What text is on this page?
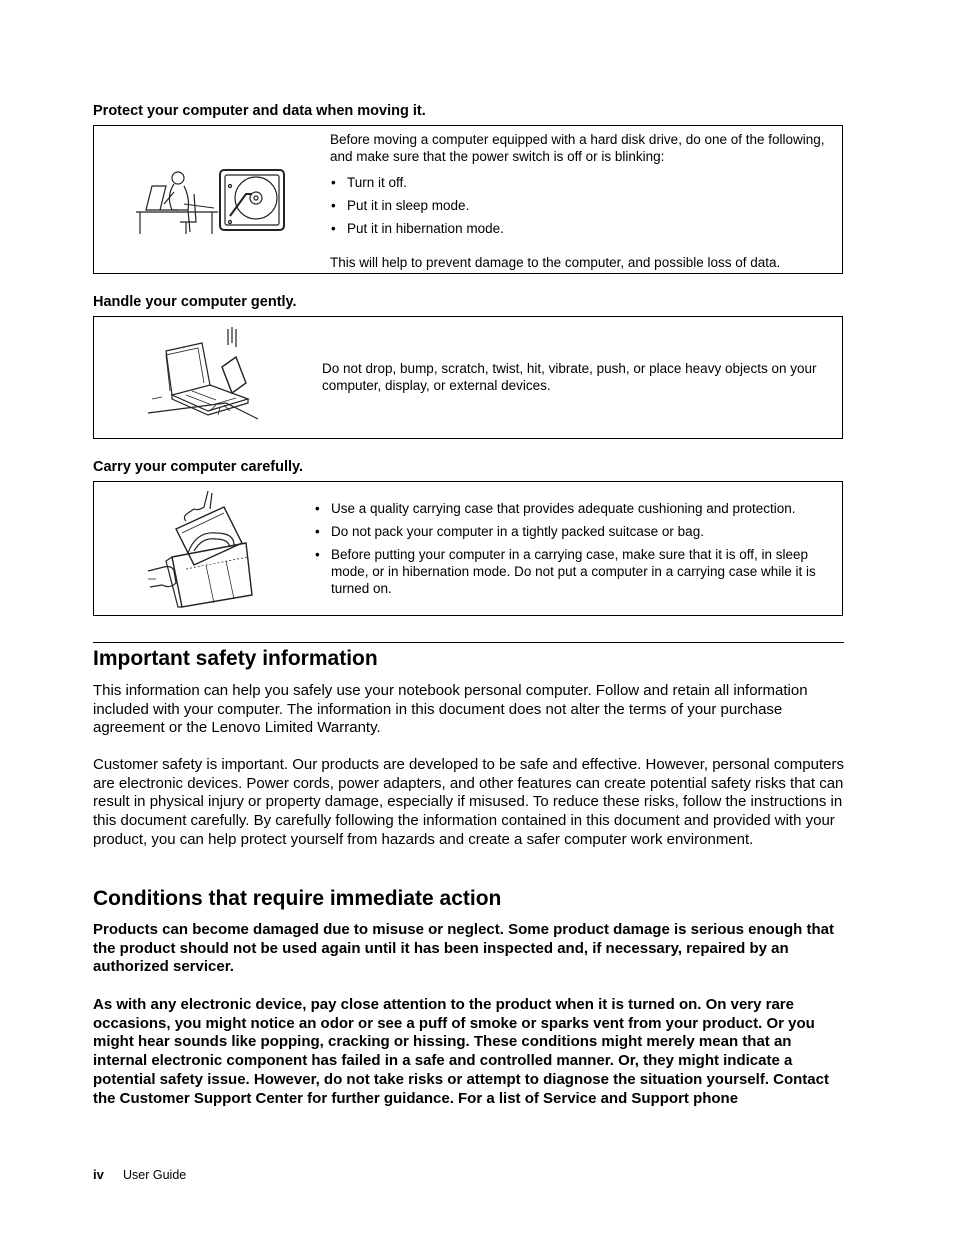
Protect your computer and data when moving it.

Before moving a computer equipped with a hard disk drive, do one of the following, and make sure that the power switch is off or is blinking:

• Turn it off.
• Put it in sleep mode.
• Put it in hibernation mode.

This will help to prevent damage to the computer, and possible loss of data.

Handle your computer gently.

Do not drop, bump, scratch, twist, hit, vibrate, push, or place heavy objects on your computer, display, or external devices.

Carry your computer carefully.

• Use a quality carrying case that provides adequate cushioning and protection.
• Do not pack your computer in a tightly packed suitcase or bag.
• Before putting your computer in a carrying case, make sure that it is off, in sleep mode, or in hibernation mode. Do not put a computer in a carrying case while it is turned on.
Important safety information

This information can help you safely use your notebook personal computer. Follow and retain all information included with your computer. The information in this document does not alter the terms of your purchase agreement or the Lenovo Limited Warranty.

Customer safety is important. Our products are developed to be safe and effective. However, personal computers are electronic devices. Power cords, power adapters, and other features can create potential safety risks that can result in physical injury or property damage, especially if misused. To reduce these risks, follow the instructions in this document carefully. By carefully following the information contained in this document and provided with your product, you can help protect yourself from hazards and create a safer computer work environment.

Conditions that require immediate action

Products can become damaged due to misuse or neglect. Some product damage is serious enough that the product should not be used again until it has been inspected and, if necessary, repaired by an authorized servicer.

As with any electronic device, pay close attention to the product when it is turned on. On very rare occasions, you might notice an odor or see a puff of smoke or sparks vent from your product. Or you might hear sounds like popping, cracking or hissing. These conditions might merely mean that an internal electronic component has failed in a safe and controlled manner. Or, they might indicate a potential safety issue. However, do not take risks or attempt to diagnose the situation yourself. Contact the Customer Support Center for further guidance. For a list of Service and Support phone

iv User Guide
